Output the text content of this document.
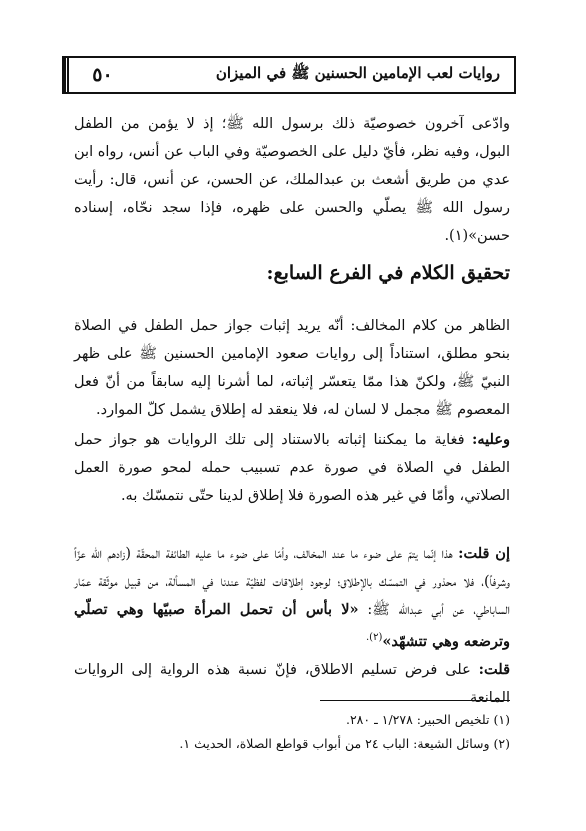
روايات لعب الإمامين الحسنين ﷺ في الميزان
٥٠

وادّعى آخرون خصوصيّة ذلك برسول الله ﷺ؛ إذ لا يؤمن من الطفل البول، وفيه نظر، فأيّ دليل على الخصوصيّة وفي الباب عن أنس، رواه ابن عدي من طريق أشعث بن عبدالملك، عن الحسن، عن أنس، قال: رأيت رسول الله ﷺ يصلّي والحسن على ظهره، فإذا سجد نحّاه، إسناده حسن»(١).

تحقيق الكلام في الفرع السابع:

الظاهر من كلام المخالف: أنّه يريد إثبات جواز حمل الطفل في الصلاة بنحو مطلق، استناداً إلى روايات صعود الإمامين الحسنين ﷺ على ظهر النبيّ ﷺ، ولكنّ هذا ممّا يتعسّر إثباته، لما أشرنا إليه سابقاً من أنّ فعل المعصوم ﷺ مجمل لا لسان له، فلا ينعقد له إطلاق يشمل كلّ الموارد.

وعليه: فغاية ما يمكننا إثباته بالاستناد إلى تلك الروايات هو جواز حمل الطفل في الصلاة في صورة عدم تسبيب حمله لمحو صورة العمل الصلاتي، وأمّا في غير هذه الصورة فلا إطلاق لدينا حتّى نتمسّك به.

إن قلت: هذا إنّما يتمّ على ضوء ما عند المخالف، وأمّا على ضوء ما عليه الطائفة المحقّة (زادهم الله عزّاً وشرفاً)، فلا محذور في التمسّك بالإطلاق؛ لوجود إطلاقات لفظيّة عندنا في المسألة، من قبيل موثّقة عمّار الساباطي، عن أبي عبدالله ﷺ: «لا بأس أن تحمل المرأة صبيّها وهي تصلّي وترضعه وهي تتشهّد»$^{(٢).}$

قلت: على فرض تسليم الاطلاق، فإنّ نسبة هذه الرواية إلى الروايات المانعة

(١) تلخيص الحبير: ١/٢٧٨ ـ ٢٨٠.

(٢) وسائل الشيعة: الباب ٢٤ من أبواب قواطع الصلاة، الحديث ١.
